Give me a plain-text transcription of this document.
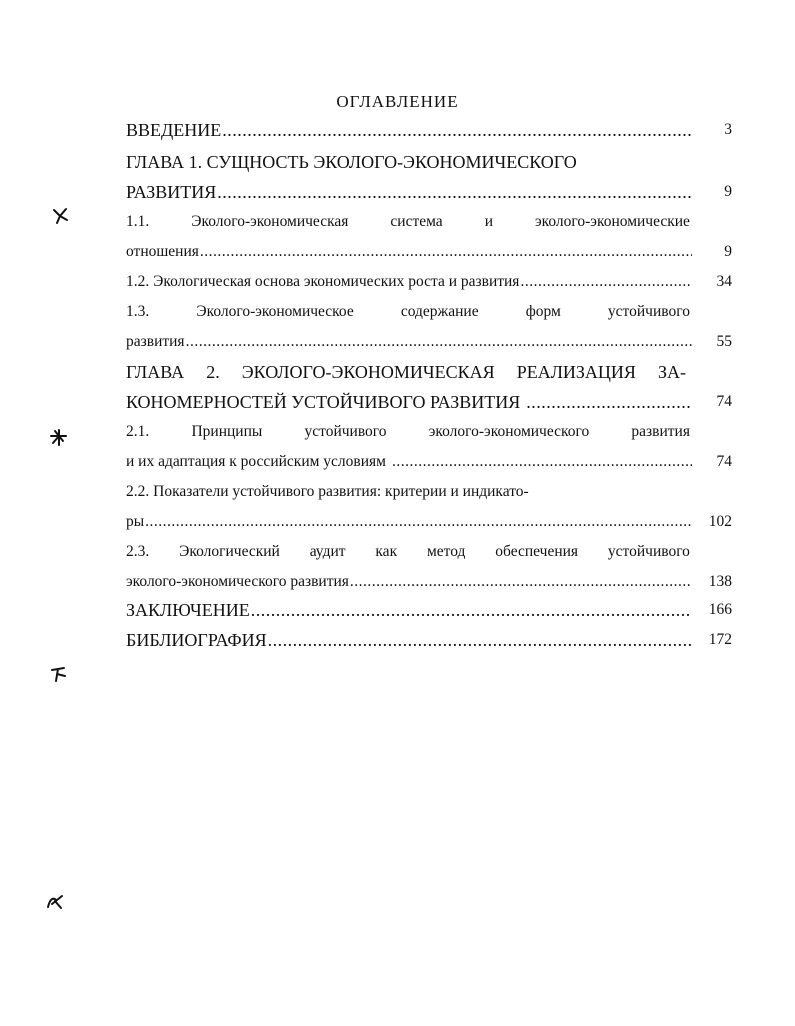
ОГЛАВЛЕНИЕ
ВВЕДЕНИЕ .....	3
ГЛАВА 1. СУЩНОСТЬ ЭКОЛОГО-ЭКОНОМИЧЕСКОГО
РАЗВИТИЯ .....	9
1.1.	Эколого-экономическая	система	и	эколого-экономические
отношения .....	9
1.2. Экологическая основа экономических роста и развития .....	34
1.3.	Эколого-экономическое	содержание	форм	устойчивого
развития .....	55
ГЛАВА 2. ЭКОЛОГО-ЭКОНОМИЧЕСКАЯ РЕАЛИЗАЦИЯ ЗА-
КОНОМЕРНОСТЕЙ УСТОЙЧИВОГО РАЗВИТИЯ .....	74
2.1.	Принципы	устойчивого	эколого-экономического	развития
и их адаптация к российским условиям .....	74
2.2. Показатели устойчивого развития: критерии и индикато-
ры .....	102
2.3. Экологический аудит как метод обеспечения устойчивого
эколого-экономического развития .....	138
ЗАКЛЮЧЕНИЕ .....	166
БИБЛИОГРАФИЯ .....	172
